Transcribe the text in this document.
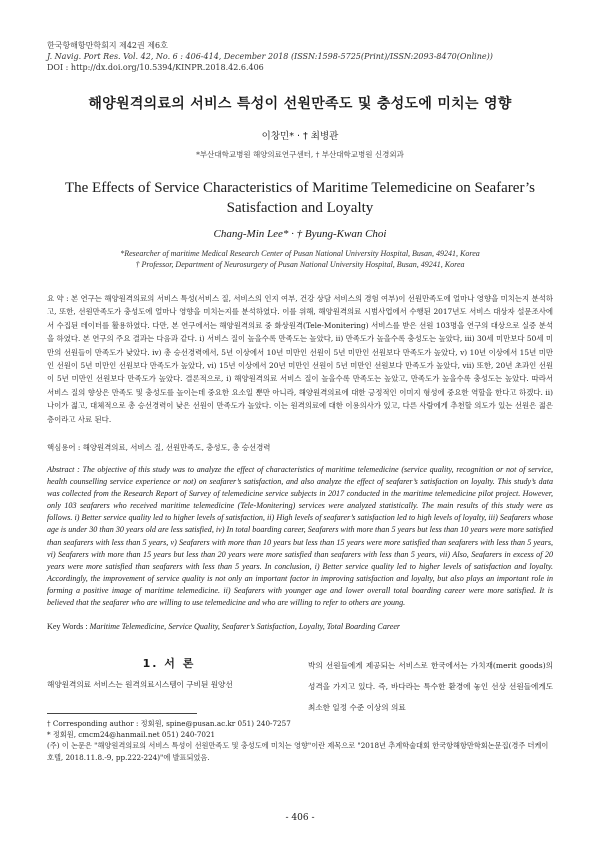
한국항해항만학회지 제42권 제6호
J. Navig. Port Res. Vol. 42, No. 6 : 406-414, December 2018 (ISSN:1598-5725(Print)/ISSN:2093-8470(Online))
DOI : http://dx.doi.org/10.5394/KINPR.2018.42.6.406
해양원격의료의 서비스 특성이 선원만족도 및 충성도에 미치는 영향
이창민* · † 최병관
*부산대학교병원 해양의료연구센터, † 부산대학교병원 신경외과
The Effects of Service Characteristics of Maritime Telemedicine on Seafarer’s
Satisfaction and Loyalty
Chang-Min Lee* · † Byung-Kwan Choi
*Researcher of maritime Medical Research Center of Pusan National University Hospital, Busan, 49241, Korea
† Professor, Department of Neurosurgery of Pusan National University Hospital, Busan, 49241, Korea
요 약 : 본 연구는 해양원격의료의 서비스 특성(서비스 질, 서비스의 인지 여부, 건강 상담 서비스의 경험 여부)이 선원만족도에 얼마나 영향을 미치는지 분석하고, 또한, 선원만족도가 충성도에 얼마나 영향을 미치는지를 분석하였다. 이를 위해, 해양원격의료 시범사업에서 수행된 2017년도 서비스 대상자 설문조사에서 수집된 데이터를 활용하였다. 다만, 본 연구에서는 해양원격의료 중 화상원격(Tele-Monitering) 서비스를 받은 선원 103명을 연구의 대상으로 실증 분석을 하였다. 본 연구의 주요 결과는 다음과 같다. i) 서비스 질이 높을수록 만족도는 높았다, ii) 만족도가 높을수록 충성도는 높았다, iii) 30세 미만보다 50세 미만의 선원들이 만족도가 낮았다. iv) 총 승선경력에서, 5년 이상에서 10년 미만인 선원이 5년 미만인 선원보다 만족도가 높았다, v) 10년 이상에서 15년 미만인 선원이 5년 미만인 선원보다 만족도가 높았다, vi) 15년 이상에서 20년 미만인 선원이 5년 미만인 선원보다 만족도가 높았다, vii) 또한, 20년 초과인 선원이 5년 미만인 선원보다 만족도가 높았다. 결론적으로, i) 해양원격의료 서비스 질이 높을수록 만족도는 높았고, 만족도가 높을수록 충성도는 높았다. 따라서 서비스 질의 향상은 만족도 및 충성도를 높이는데 중요한 요소일 뿐만 아니라, 해양원격의료에 대한 긍정적인 이미지 형성에 중요한 역할을 한다고 하겠다. ii) 나이가 젊고, 대체적으로 총 승선경력이 낮은 선원이 만족도가 높았다. 이는 원격의료에 대한 이용의사가 있고, 다른 사람에게 추천할 의도가 있는 선원은 젊은 층이라고 사료 된다.
핵심용어 : 해양원격의료, 서비스 질, 선원만족도, 충성도, 총 승선경력
Abstract : The objective of this study was to analyze the effect of characteristics of maritime telemedicine (service quality, recognition or not of service, health counselling service experience or not) on seafarer’s satisfaction, and also analyze the effect of seafarer’s satisfaction on loyalty. This study’s data was collected from the Research Report of Survey of telemedicine service subjects in 2017 conducted in the maritime telemedicine pilot project. However, only 103 seafarers who received maritime telemedicine (Tele-Monitering) services were analyzed statistically. The main results of this study were as follows. i) Better service quality led to higher levels of satisfaction, ii) High levels of seafarer’s satisfaction led to high levels of loyalty, iii) Seafarers whose age is under 30 than 30 years old are less satisfied, iv) In total boarding career, Seafarers with more than 5 years but less than 10 years were more satisfied than seafarers with less than 5 years, v) Seafarers with more than 10 years but less than 15 years were more satisfied than seafarers with less than 5 years, vi) Seafarers with more than 15 years but less than 20 years were more satisfied than seafarers with less than 5 years, vii) Also, Seafarers in excess of 20 years were more satisfied than seafarers with less than 5 years. In conclusion, i) Better service quality led to higher levels of satisfaction and loyalty. Accordingly, the improvement of service quality is not only an important factor in improving satisfaction and loyalty, but also plays an important role in forming a positive image of maritime telemedicine. ii) Seafarers with younger age and lower overall total boarding career were more satisfied. It is believed that the seafarer who are willing to use telemedicine and who are willing to refer to others are young.
Key Words : Maritime Telemedicine, Service Quality, Seafarer’s Satisfaction, Loyalty, Total Boarding Career
1. 서 론
해양원격의료 서비스는 원격의료시스템이 구비된 원양선
박의 선원들에게 제공되는 서비스로 한국에서는 가치재(merit goods)의 성격을 가지고 있다. 즉, 바다라는 특수한 환경에 놓인 선상 선원들에게도 최소한 일정 수준 이상의 의료
† Corresponding author : 정회원, spine@pusan.ac.kr 051) 240-7257
* 정회원, cmcm24@hanmail.net 051) 240-7021
(주) 이 논문은 "해양원격의료의 서비스 특성이 선원만족도 및 충성도에 미치는 영향"이란 제목으로 "2018년 추계학술대회 한국항해항만학회논문집(경주 더케이호텔, 2018.11.8.-9, pp.222-224)"에 발표되었음.
- 406 -
